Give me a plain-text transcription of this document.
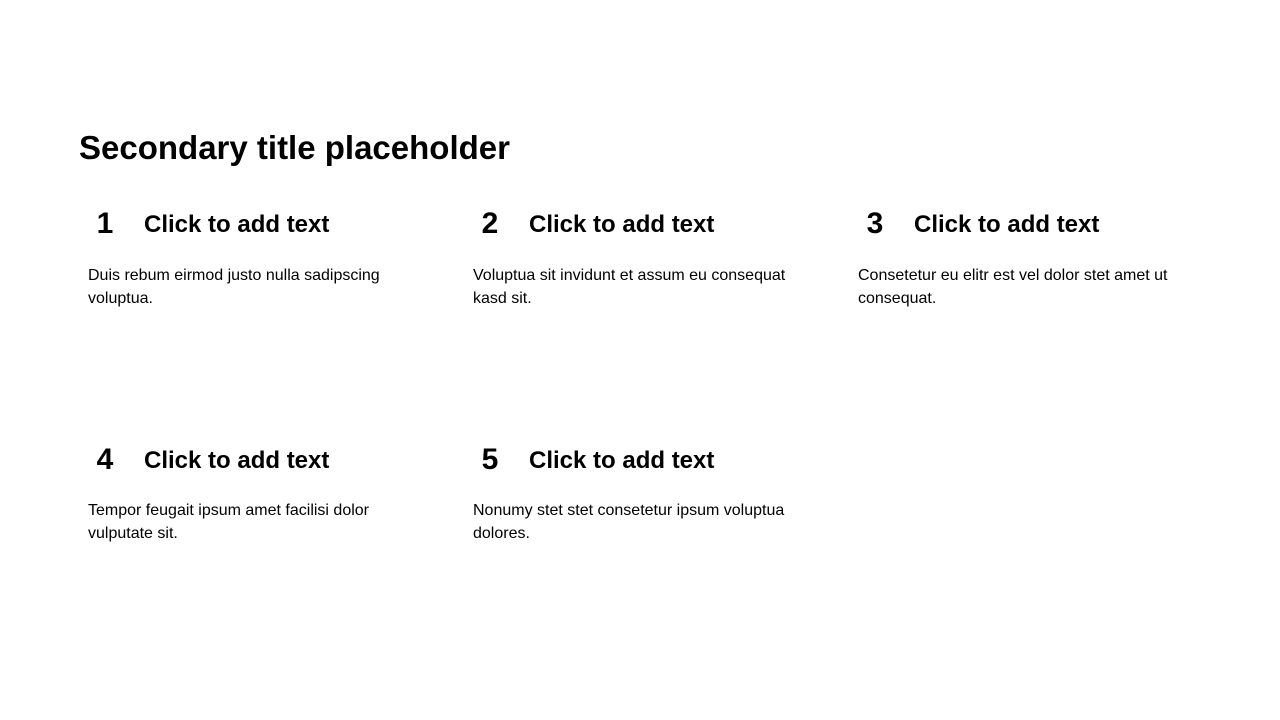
Secondary title placeholder
1	Click to add text
Duis rebum eirmod justo nulla sadipscing voluptua.
2	Click to add text
Voluptua sit invidunt et assum eu consequat kasd sit.
3	Click to add text
Consetetur eu elitr est vel dolor stet amet ut consequat.
4	Click to add text
Tempor feugait ipsum amet facilisi dolor vulputate sit.
5	Click to add text
Nonumy stet stet consetetur ipsum voluptua dolores.
